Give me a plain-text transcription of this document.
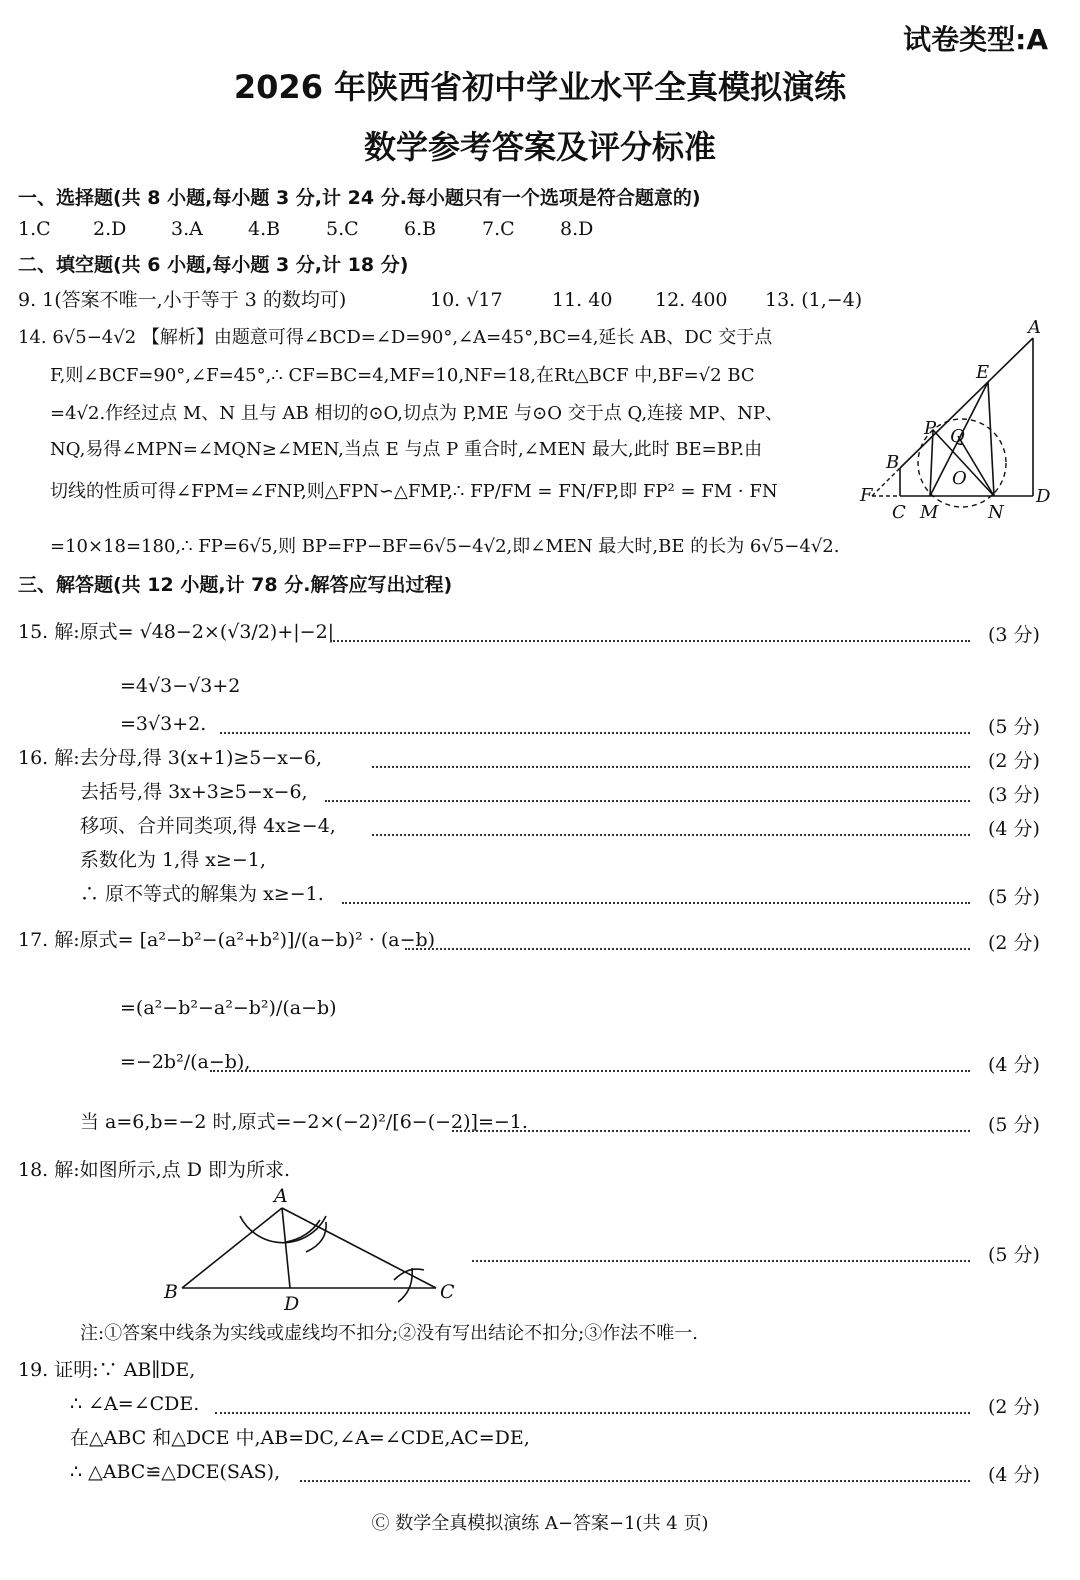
试卷类型:A
2026 年陕西省初中学业水平全真模拟演练
数学参考答案及评分标准
一、选择题(共 8 小题,每小题 3 分,计 24 分.每小题只有一个选项是符合题意的)
1.C	2.D	3.A	4.B	5.C	6.B	7.C	8.D
二、填空题(共 6 小题,每小题 3 分,计 18 分)
9. 1(答案不唯一,小于等于 3 的数均可)	10. √17	11. 40 12. 400 13. (1,−4)
14. 6√5−4√2 【解析】由题意可得∠BCD=∠D=90°,∠A=45°,BC=4,延长 AB、DC 交于点
F,则∠BCF=90°,∠F=45°,∴ CF=BC=4,MF=10,NF=18,在Rt△BCF 中,BF=√2 BC
=4√2.作经过点 M、N 且与 AB 相切的⊙O,切点为 P,ME 与⊙O 交于点 Q,连接 MP、NP、
NQ,易得∠MPN=∠MQN≥∠MEN,当点 E 与点 P 重合时,∠MEN 最大,此时 BE=BP.由
切线的性质可得∠FPM=∠FNP,则△FPN∽△FMP,∴ FP/FM = FN/FP,即 FP² = FM · FN
=10×18=180,∴ FP=6√5,则 BP=FP−BF=6√5−4√2,即∠MEN 最大时,BE 的长为 6√5−4√2.
A
E
P Q
O
B
F
C M	N
D
三、解答题(共 12 小题,计 78 分.解答应写出过程)
15. 解:原式= √48−2×(√3/2)+|−2|	(3 分)
=4√3−√3+2
=3√3+2.	(5 分)
16. 解:去分母,得 3(x+1)≥5−x−6,	(2 分)
去括号,得 3x+3≥5−x−6,	(3 分)
移项、合并同类项,得 4x≥−4,	(4 分)
系数化为 1,得 x≥−1,
∴ 原不等式的解集为 x≥−1.	(5 分)
17. 解:原式= [a²−b²−(a²+b²)]/(a−b)² · (a−b)	(2 分)
=(a²−b²−a²−b²)/(a−b)
=−2b²/(a−b),	(4 分)
当 a=6,b=−2 时,原式=−2×(−2)²/[6−(−2)]=−1.	(5 分)
18. 解:如图所示,点 D 即为所求.
A
B	C
D
(5 分)
注:①答案中线条为实线或虚线均不扣分;②没有写出结论不扣分;③作法不唯一.
19. 证明:∵ AB∥DE,
∴ ∠A=∠CDE.	(2 分)
在△ABC 和△DCE 中,AB=DC,∠A=∠CDE,AC=DE,
∴ △ABC≌△DCE(SAS),	(4 分)
Ⓒ 数学全真模拟演练 A−答案−1(共 4 页)
